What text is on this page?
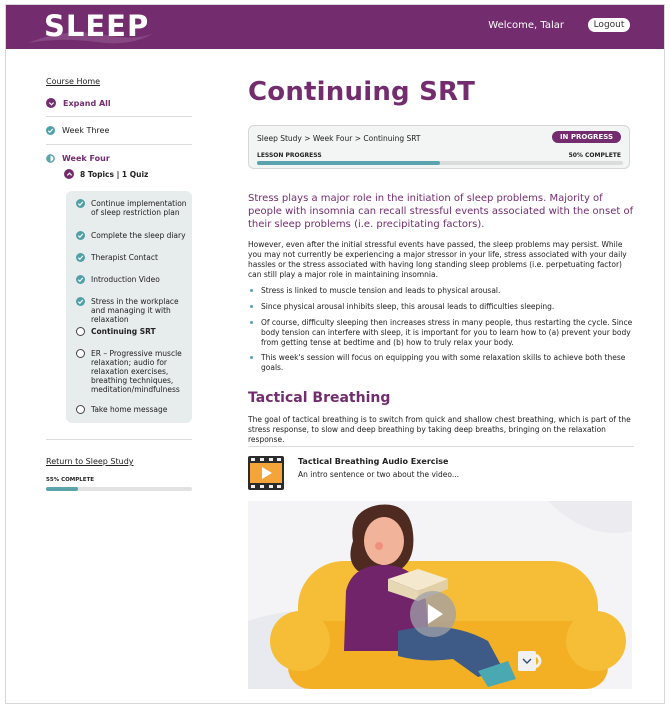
SLEEP	Welcome, Talar	Logout
Course Home
Expand All
Week Three
Week Four
8 Topics | 1 Quiz
Continue implementation of sleep restriction plan
Complete the sleep diary
Therapist Contact
Introduction Video
Stress in the workplace and managing it with relaxation
Continuing SRT
ER – Progressive muscle relaxation; audio for relaxation exercises, breathing techniques, meditation/mindfulness
Take home message
Return to Sleep Study
55% COMPLETE
Continuing SRT
Sleep Study > Week Four > Continuing SRT	IN PROGRESS
LESSON PROGRESS	50% COMPLETE
Stress plays a major role in the initiation of sleep problems. Majority of people with insomnia can recall stressful events associated with the onset of their sleep problems (i.e. precipitating factors).
However, even after the initial stressful events have passed, the sleep problems may persist. While you may not currently be experiencing a major stressor in your life, stress associated with your daily hassles or the stress associated with having long standing sleep problems (i.e. perpetuating factor) can still play a major role in maintaining insomnia.
Stress is linked to muscle tension and leads to physical arousal.
Since physical arousal inhibits sleep, this arousal leads to difficulties sleeping.
Of course, difficulty sleeping then increases stress in many people, thus restarting the cycle. Since body tension can interfere with sleep, it is important for you to learn how to (a) prevent your body from getting tense at bedtime and (b) how to truly relax your body.
This week's session will focus on equipping you with some relaxation skills to achieve both these goals.
Tactical Breathing
The goal of tactical breathing is to switch from quick and shallow chest breathing, which is part of the stress response, to slow and deep breathing by taking deep breaths, bringing on the relaxation response.
Tactical Breathing Audio Exercise
An intro sentence or two about the video...
